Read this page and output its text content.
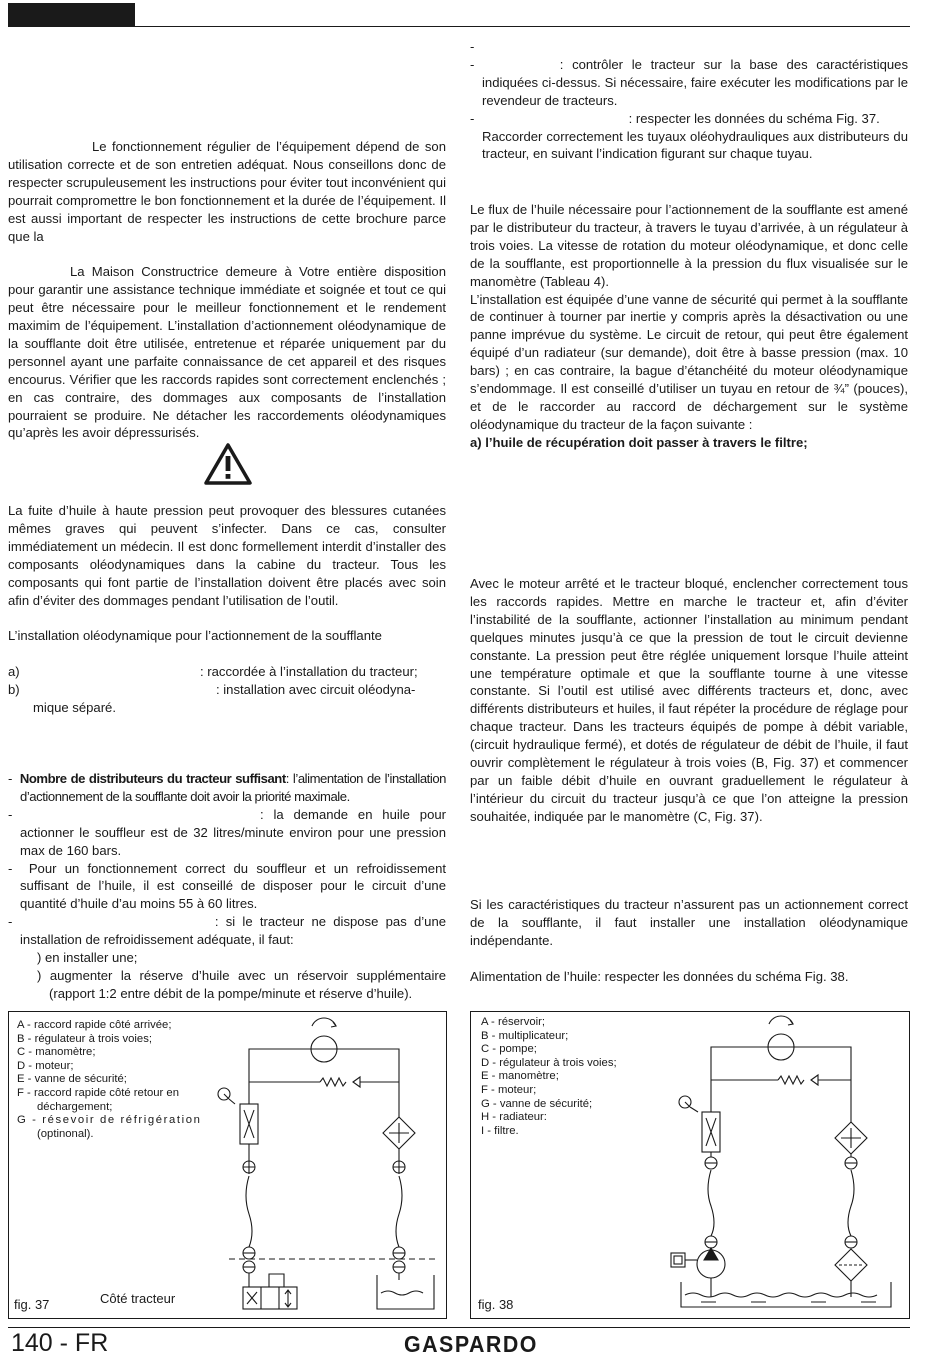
Le fonctionnement régulier de l’équipement dépend de son utilisation correcte et de son entretien adéquat. Nous conseillons donc de respecter scrupuleusement les instructions pour éviter tout inconvénient qui pourrait compromettre le bon fonctionnement et la durée de l’équipement. Il est aussi important de respecter les instructions de cette brochure parce que la

La Maison Constructrice demeure à Votre entière disposition pour garantir une assistance technique immédiate et soignée et tout ce qui peut être nécessaire pour le meilleur fonctionnement et le rendement maximim de l’équipement. L’installation d’actionnement oléodynamique de la soufflante doit être utilisée, entretenue et réparée uniquement par du personnel ayant une parfaite connaissance de cet appareil et des risques encourus. Vérifier que les raccords rapides sont correctement enclenchés ; en cas contraire, des dommages aux composants de l’installation pourraient se produire. Ne détacher les raccordements oléodynamiques qu’après les avoir dépressurisés.

La fuite d’huile à haute pression peut provoquer des blessures cutanées mêmes graves qui peuvent s’infecter. Dans ce cas, consulter immédiatement un médecin. Il est donc formellement interdit d’installer des composants oléodynamiques dans la cabine du tracteur. Tous les composants qui font partie de l’installation doivent être placés avec soin afin d’éviter des dommages pendant l’utilisation de l’outil.

L’installation oléodynamique pour l’actionnement de la soufflante

a)	: raccordée à l’installation du tracteur;

b)	: installation avec circuit oléodyna-

mique séparé.

-  Nombre de distributeurs du tracteur suffisant: l’alimentation de l’installation d’actionnement de la soufflante doit avoir la priorité maximale.

-	: la demande en huile pour actionner le souffleur est de 32 litres/minute environ pour une pression max de 160 bars.

-  Pour un fonctionnement correct du souffleur et un refroidissement suffisant de l’huile, il est conseillé de disposer pour le circuit d’une quantité d’huile d’au moins 55 à 60 litres.

-	: si le tracteur ne dispose pas d’une installation de refroidissement adéquate, il faut:

) en installer une;

) augmenter la réserve d’huile avec un réservoir supplémentaire (rapport 1:2 entre débit de la pompe/minute et réserve d’huile).

-

-	: contrôler le tracteur sur la base des caractéristiques indiquées ci-dessus. Si nécessaire, faire exécuter les modifications par le revendeur de tracteurs.

-	: respecter les données du schéma Fig. 37.

Raccorder correctement les tuyaux oléohydrauliques aux distributeurs du tracteur, en suivant l’indication figurant sur chaque tuyau.

Le flux de l’huile nécessaire pour l’actionnement de la soufflante est amené par le distributeur du tracteur, à travers le tuyau d’arrivée, à un régulateur à trois voies. La vitesse de rotation du moteur oléodynamique, et donc celle de la soufflante, est proportionnelle à la pression du flux visualisée sur le manomètre (Tableau 4).

L’installation est équipée d’une vanne de sécurité qui permet à la soufflante de continuer à tourner par inertie y compris après la désactivation ou une panne imprévue du système. Le circuit de retour, qui peut être également équipé d’un radiateur (sur demande), doit être à basse pression (max. 10 bars) ; en cas contraire, la bague d’étanchéité du moteur oléodynamique s’endommage. Il est conseillé d’utiliser un tuyau en retour de ¾” (pouces), et de le raccorder au raccord de déchargement sur le système oléodynamique du tracteur de la façon suivante :

a) l’huile de récupération doit passer à travers le filtre;

Avec le moteur arrêté et le tracteur bloqué, enclencher correctement tous les raccords rapides. Mettre en marche le tracteur et, afin d’éviter l’instabilité de la soufflante, actionner l’installation au minimum pendant quelques minutes jusqu’à ce que la pression de tout le circuit devienne constante. La pression peut être réglée uniquement lorsque l’huile atteint une température optimale et que la soufflante tourne à une vitesse constante. Si l’outil est utilisé avec différents tracteurs et, donc, avec différents distributeurs et huiles, il faut répéter la procédure de réglage pour chaque tracteur. Dans les tracteurs équipés de pompe à débit variable, (circuit hydraulique fermé), et dotés de régulateur de débit de l’huile, il faut ouvrir complètement le régulateur à trois voies (B, Fig. 37) et commencer par un faible débit d’huile en ouvrant graduellement le régulateur à l’intérieur du circuit du tracteur jusqu’à ce que l’on atteigne la pression souhaitée, indiquée par le manomètre (C, Fig. 37).

Si les caractéristiques du tracteur n’assurent pas un actionnement correct de la soufflante, il faut installer une installation oléodynamique indépendante.

Alimentation de l’huile: respecter les données du schéma Fig. 38.

A - raccord rapide côté arrivée;
B - régulateur à trois voies;
C - manomètre;
D - moteur;
E - vanne de sécurité;
F - raccord rapide côté retour en
déchargement;
G - résevoir de réfrigération
(optinonal).
fig. 37	Côté tracteur
A - réservoir;
B - multiplicateur;
C - pompe;
D - régulateur à trois voies;
E - manomètre;
F - moteur;
G - vanne de sécurité;
H - radiateur:
I - filtre.
fig. 38
140 - FR	GASPARDO
